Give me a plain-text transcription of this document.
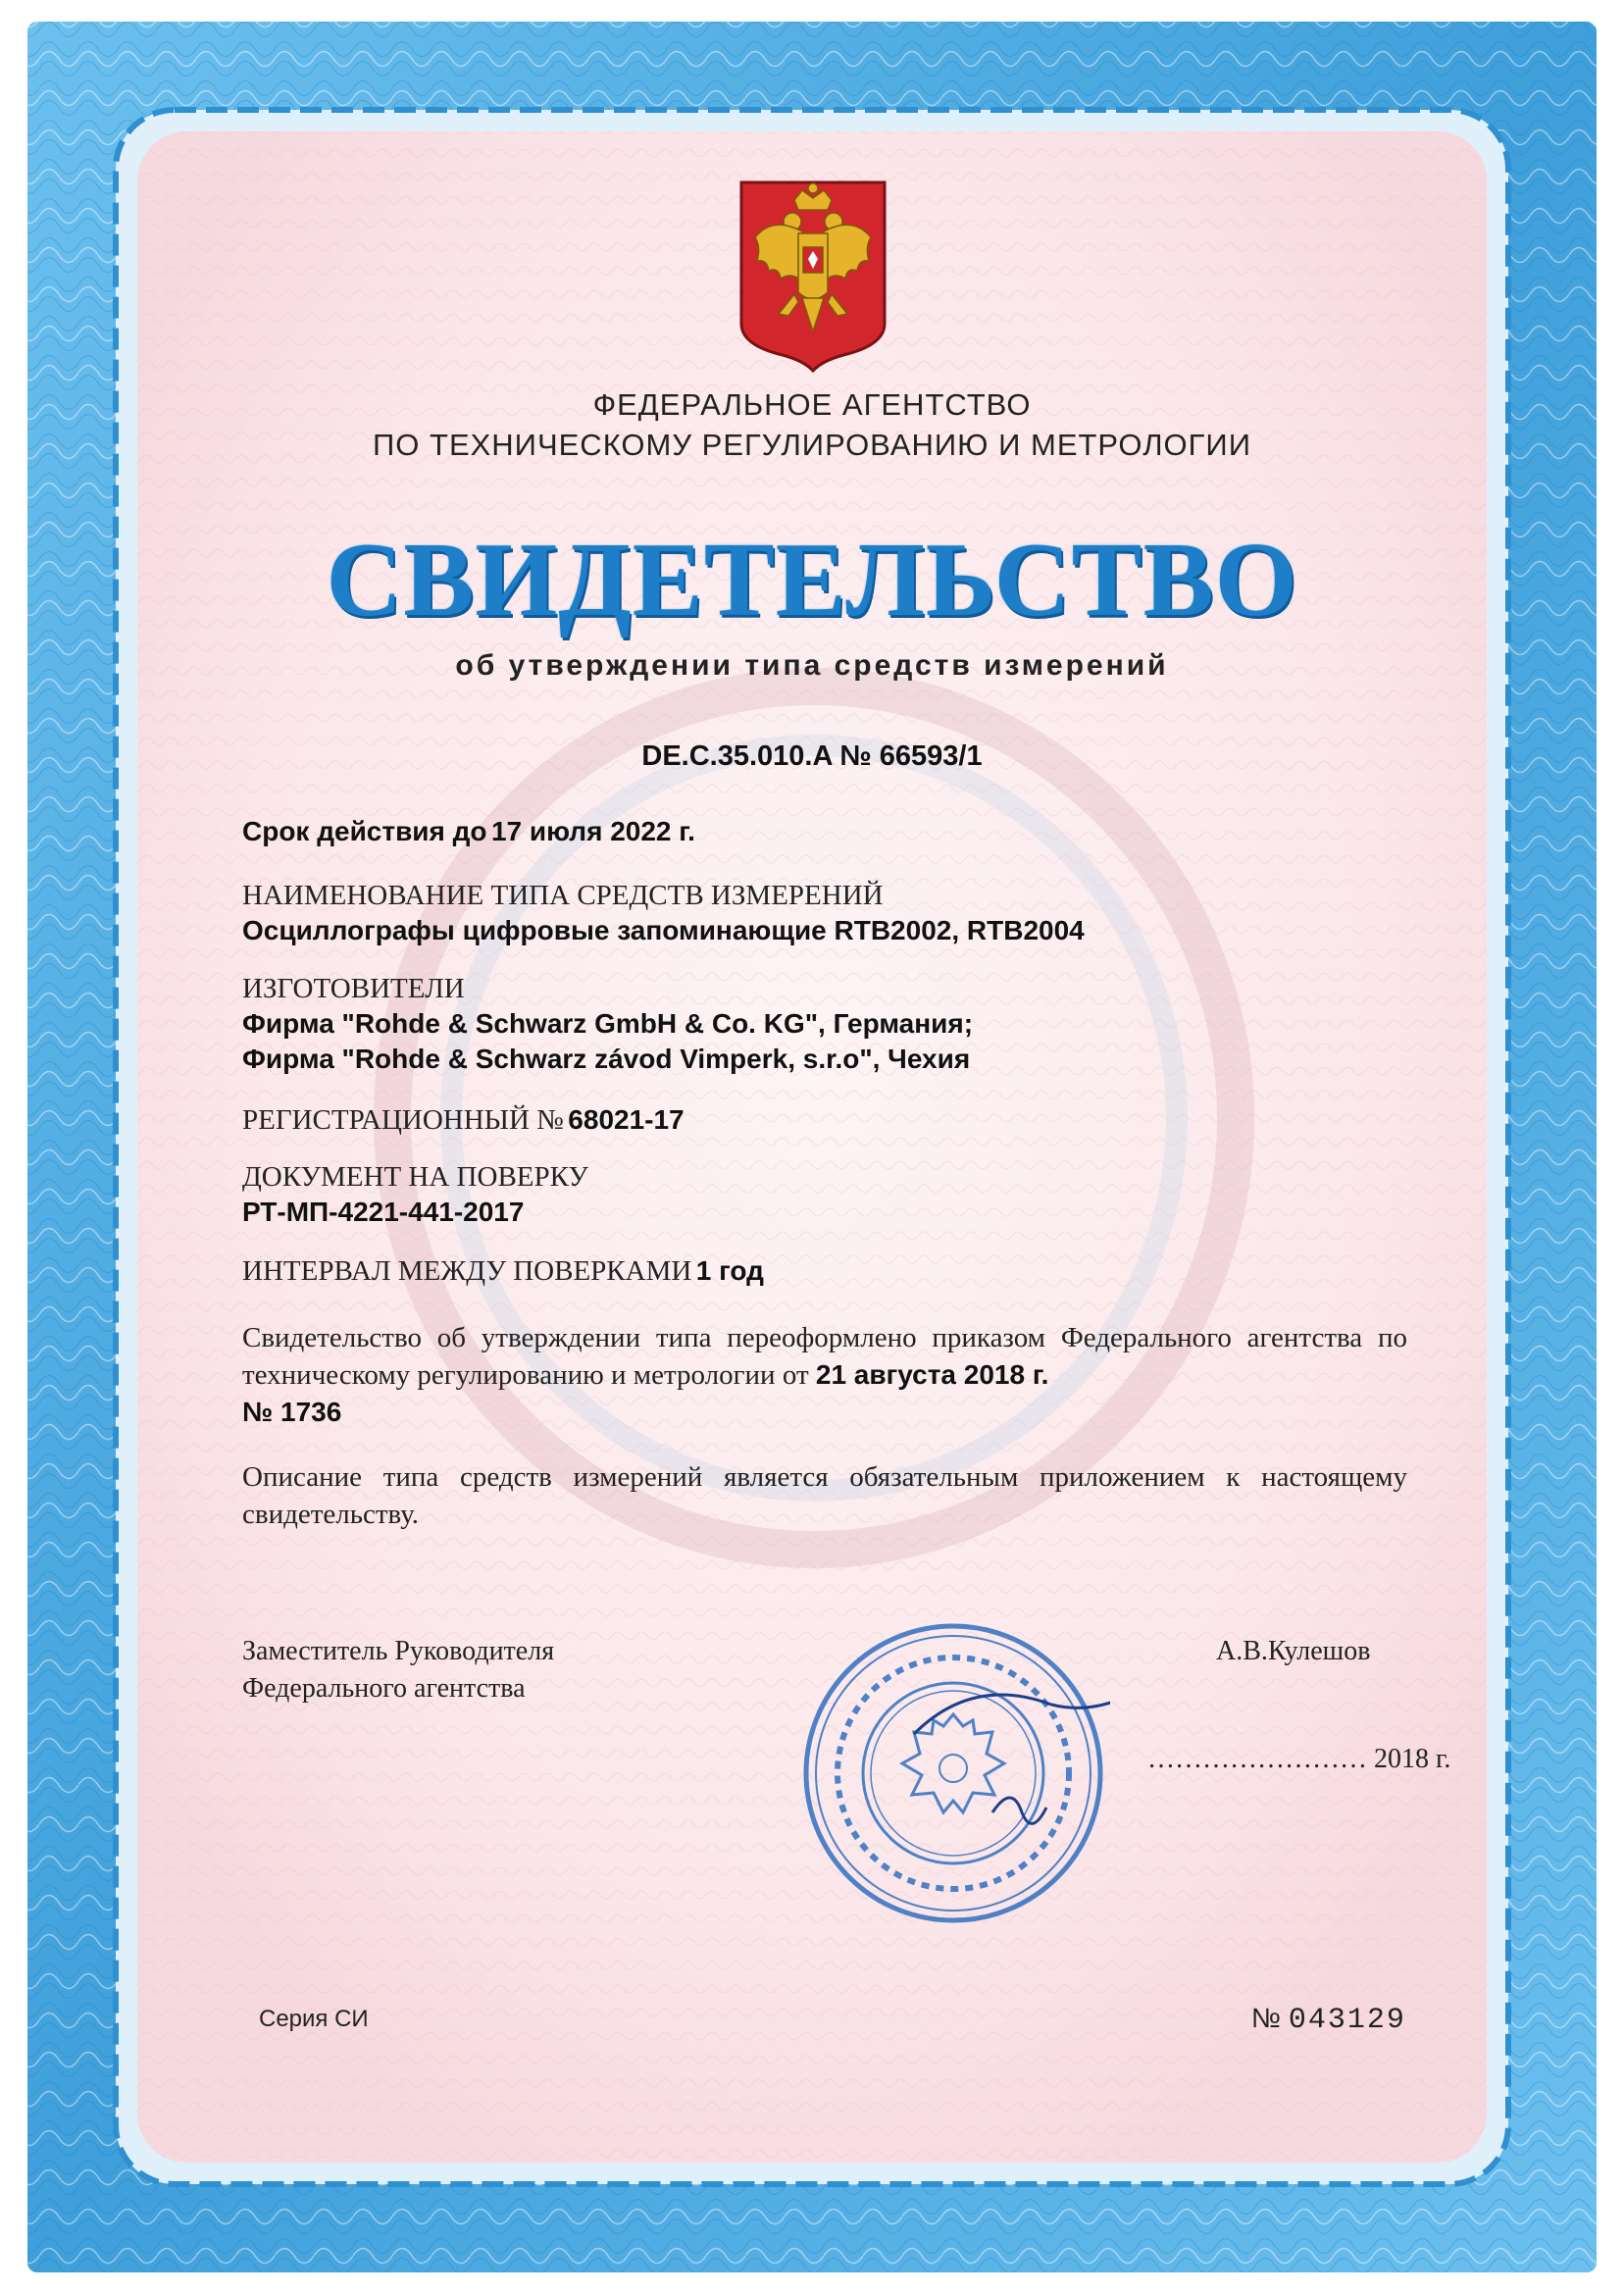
ФЕДЕРАЛЬНОЕ АГЕНТСТВО
ПО ТЕХНИЧЕСКОМУ РЕГУЛИРОВАНИЮ И МЕТРОЛОГИИ
СВИДЕТЕЛЬСТВО
об утверждении типа средств измерений
DE.C.35.010.A № 66593/1
Срок действия до 17 июля 2022 г.
НАИМЕНОВАНИЕ ТИПА СРЕДСТВ ИЗМЕРЕНИЙ
Осциллографы цифровые запоминающие RTB2002, RTB2004
ИЗГОТОВИТЕЛИ
Фирма "Rohde & Schwarz GmbH & Co. KG", Германия;
Фирма "Rohde & Schwarz závod Vimperk, s.r.o", Чехия
РЕГИСТРАЦИОННЫЙ № 68021-17
ДОКУМЕНТ НА ПОВЕРКУ
РТ-МП-4221-441-2017
ИНТЕРВАЛ МЕЖДУ ПОВЕРКАМИ 1 год
Свидетельство об утверждении типа переоформлено приказом Федерального агентства по техническому регулированию и метрологии от 21 августа 2018 г.
№ 1736
Описание типа средств измерений является обязательным приложением к настоящему свидетельству.
Заместитель Руководителя
Федерального агентства
А.В.Кулешов
…………………… 2018 г.
Серия СИ	№ 043129
